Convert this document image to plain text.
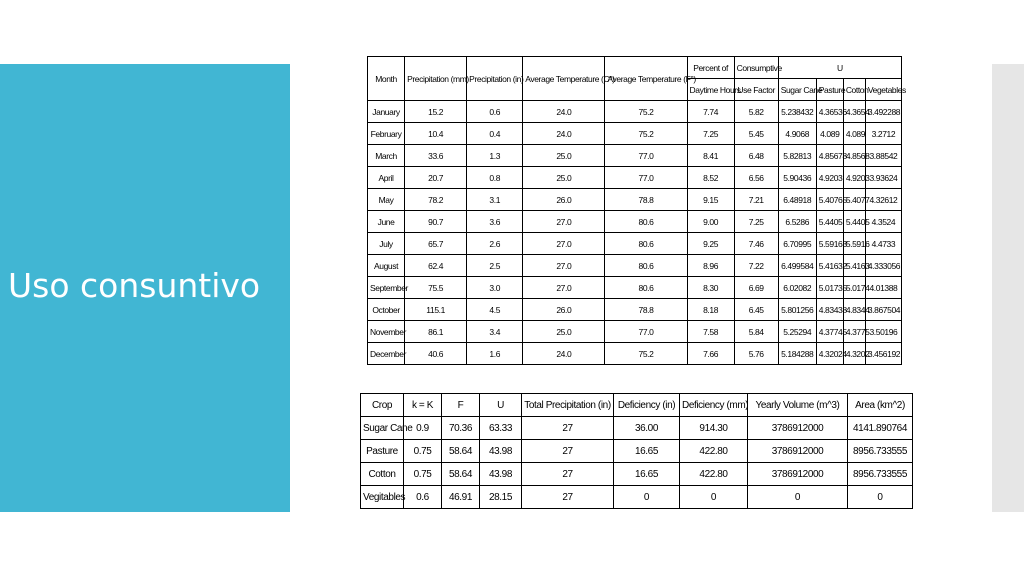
Uso consuntivo
Month	Precipitation (mm)	Precipitation (in)	Average Temperature (C°)	Average Temperature (F°)	Percent of	Consumptive	U			
					Daytime Hours	Use Factor	Sugar Cane	Pasture	Cotton	Vegetables
January	15.2	0.6	24.0	75.2	7.74	5.82	5.238432	4.36536	4.3654	3.492288
February	10.4	0.4	24.0	75.2	7.25	5.45	4.9068	4.089	4.089	3.2712
March	33.6	1.3	25.0	77.0	8.41	6.48	5.82813	4.85678	4.8568	3.88542
April	20.7	0.8	25.0	77.0	8.52	6.56	5.90436	4.9203	4.9203	3.93624
May	78.2	3.1	26.0	78.8	9.15	7.21	6.48918	5.40765	5.4077	4.32612
June	90.7	3.6	27.0	80.6	9.00	7.25	6.5286	5.4405	5.4405	4.3524
July	65.7	2.6	27.0	80.6	9.25	7.46	6.70995	5.59163	5.5916	4.4733
August	62.4	2.5	27.0	80.6	8.96	7.22	6.499584	5.41632	5.4163	4.333056
September	75.5	3.0	27.0	80.6	8.30	6.69	6.02082	5.01735	5.0174	4.01388
October	115.1	4.5	26.0	78.8	8.18	6.45	5.801256	4.83438	4.8344	3.867504
November	86.1	3.4	25.0	77.0	7.58	5.84	5.25294	4.37745	4.3775	3.50196
December	40.6	1.6	24.0	75.2	7.66	5.76	5.184288	4.32024	4.3202	3.456192
Crop	k = K	F	U	Total Precipitation (in)	Deficiency (in)	Deficiency (mm)	Yearly Volume (m^3)	Area (km^2)
Sugar Cane	0.9	70.36	63.33	27	36.00	914.30	3786912000	4141.890764
Pasture	0.75	58.64	43.98	27	16.65	422.80	3786912000	8956.733555
Cotton	0.75	58.64	43.98	27	16.65	422.80	3786912000	8956.733555
Vegitables	0.6	46.91	28.15	27	0	0	0	0
